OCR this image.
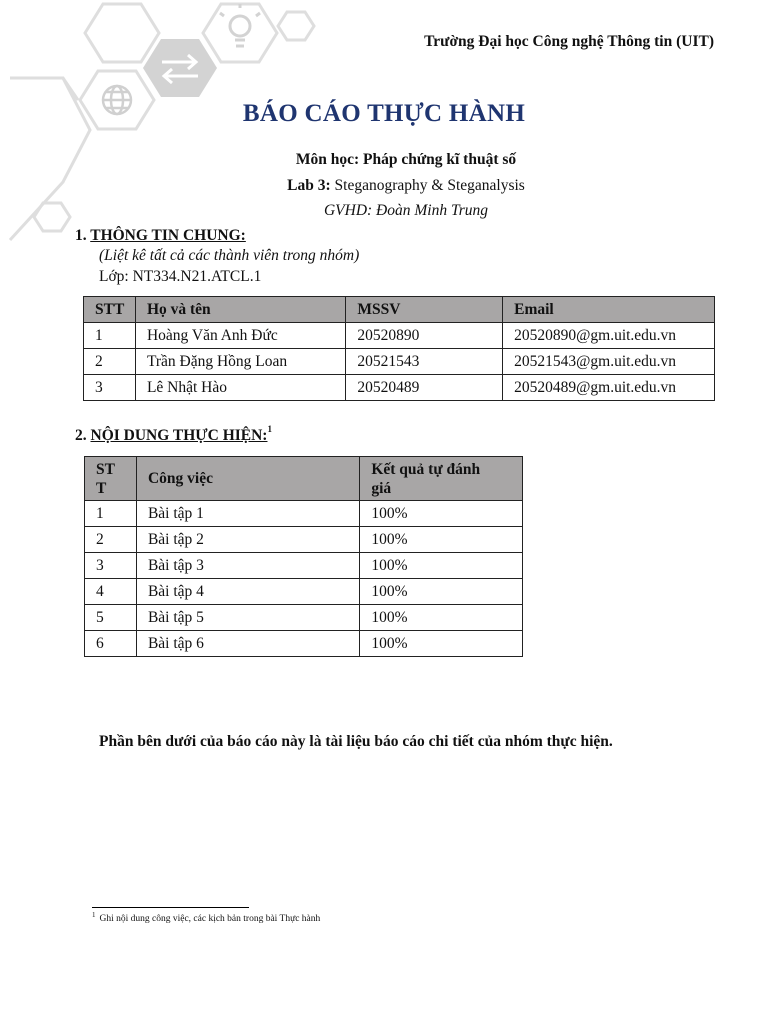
Trường Đại học Công nghệ Thông tin (UIT)
BÁO CÁO THỰC HÀNH
Môn học: Pháp chứng kĩ thuật số
Lab 3: Steganography & Steganalysis
GVHD: Đoàn Minh Trung
1. THÔNG TIN CHUNG:
(Liệt kê tất cả các thành viên trong nhóm)
Lớp: NT334.N21.ATCL.1
STT	Họ và tên	MSSV	Email
1	Hoàng Văn Anh Đức	20520890	20520890@gm.uit.edu.vn
2	Trần Đặng Hồng Loan	20521543	20521543@gm.uit.edu.vn
3	Lê Nhật Hào	20520489	20520489@gm.uit.edu.vn
2. NỘI DUNG THỰC HIỆN:$^1$
ST T	Công việc	Kết quả tự đánh giá
1	Bài tập 1	100%
2	Bài tập 2	100%
3	Bài tập 3	100%
4	Bài tập 4	100%
5	Bài tập 5	100%
6	Bài tập 6	100%
Phần bên dưới của báo cáo này là tài liệu báo cáo chi tiết của nhóm thực hiện.
$^1$ Ghi nội dung công việc, các kịch bản trong bài Thực hành
